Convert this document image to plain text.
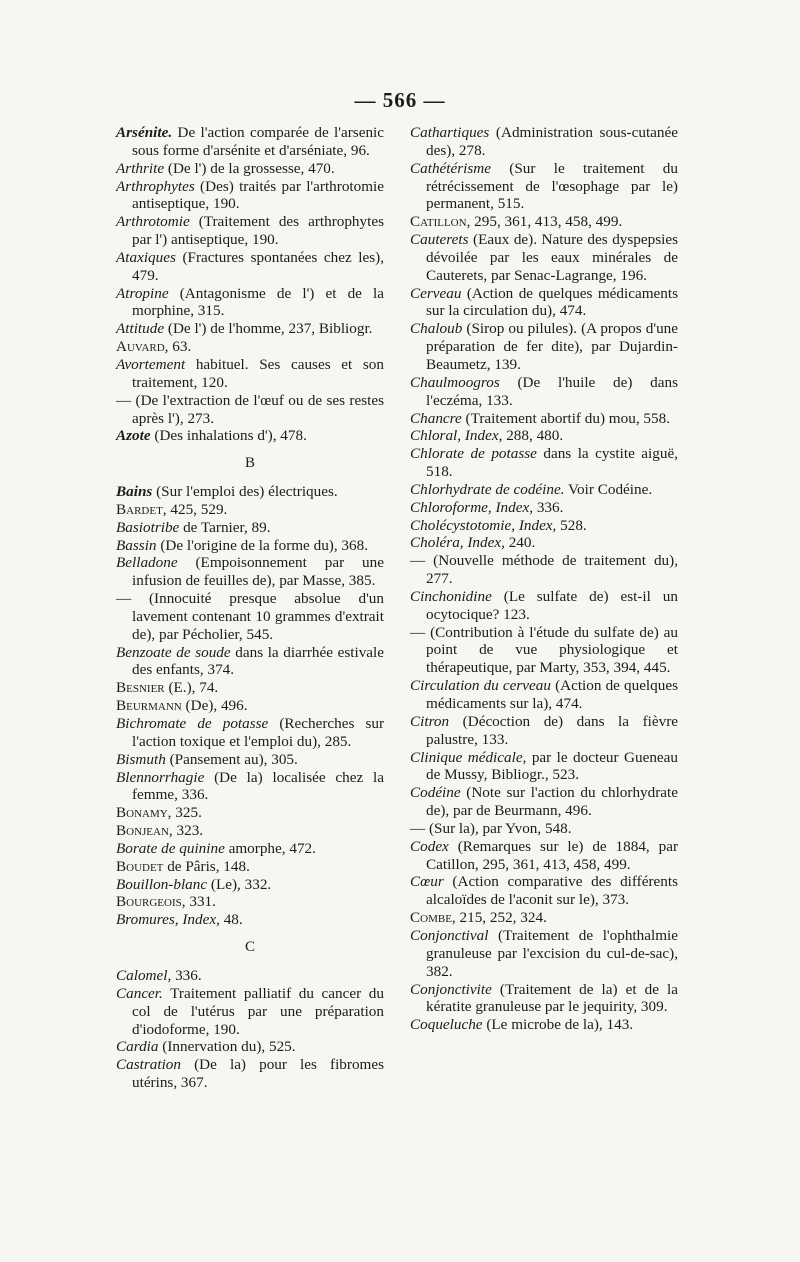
— 566 —
Arsénite. De l'action comparée de l'arsenic sous forme d'arsénite et d'arséniate, 96.
Arthrite (De l') de la grossesse, 470.
Arthrophytes (Des) traités par l'arthrotomie antiseptique, 190.
Arthrotomie (Traitement des arthrophytes par l') antiseptique, 190.
Ataxiques (Fractures spontanées chez les), 479.
Atropine (Antagonisme de l') et de la morphine, 315.
Attitude (De l') de l'homme, 237, Bibliogr.
Auvard, 63.
Avortement habituel. Ses causes et son traitement, 120.
— (De l'extraction de l'œuf ou de ses restes après l'), 273.
Azote (Des inhalations d'), 478.
B
Bains (Sur l'emploi des) électriques.
Bardet, 425, 529.
Basiotribe de Tarnier, 89.
Bassin (De l'origine de la forme du), 368.
Belladone (Empoisonnement par une infusion de feuilles de), par Masse, 385.
— (Innocuité presque absolue d'un lavement contenant 10 grammes d'extrait de), par Pécholier, 545.
Benzoate de soude dans la diarrhée estivale des enfants, 374.
Besnier (E.), 74.
Beurmann (De), 496.
Bichromate de potasse (Recherches sur l'action toxique et l'emploi du), 285.
Bismuth (Pansement au), 305.
Blennorrhagie (De la) localisée chez la femme, 336.
Bonamy, 325.
Bonjean, 323.
Borate de quinine amorphe, 472.
Boudet de Pâris, 148.
Bouillon-blanc (Le), 332.
Bourgeois, 331.
Bromures, Index, 48.
C
Calomel, 336.
Cancer. Traitement palliatif du cancer du col de l'utérus par une préparation d'iodoforme, 190.
Cardia (Innervation du), 525.
Castration (De la) pour les fibromes utérins, 367.
Cathartiques (Administration sous-cutanée des), 278.
Cathétérisme (Sur le traitement du rétrécissement de l'œsophage par le) permanent, 515.
Catillon, 295, 361, 413, 458, 499.
Cauterets (Eaux de). Nature des dyspepsies dévoilée par les eaux minérales de Cauterets, par Senac-Lagrange, 196.
Cerveau (Action de quelques médicaments sur la circulation du), 474.
Chaloub (Sirop ou pilules). (A propos d'une préparation de fer dite), par Dujardin-Beaumetz, 139.
Chaulmoogros (De l'huile de) dans l'eczéma, 133.
Chancre (Traitement abortif du) mou, 558.
Chloral, Index, 288, 480.
Chlorate de potasse dans la cystite aiguë, 518.
Chlorhydrate de codéine. Voir Codéine.
Chloroforme, Index, 336.
Cholécystotomie, Index, 528.
Choléra, Index, 240.
— (Nouvelle méthode de traitement du), 277.
Cinchonidine (Le sulfate de) est-il un ocytocique? 123.
— (Contribution à l'étude du sulfate de) au point de vue physiologique et thérapeutique, par Marty, 353, 394, 445.
Circulation du cerveau (Action de quelques médicaments sur la), 474.
Citron (Décoction de) dans la fièvre palustre, 133.
Clinique médicale, par le docteur Gueneau de Mussy, Bibliogr., 523.
Codéine (Note sur l'action du chlorhydrate de), par de Beurmann, 496.
— (Sur la), par Yvon, 548.
Codex (Remarques sur le) de 1884, par Catillon, 295, 361, 413, 458, 499.
Cœur (Action comparative des différents alcaloïdes de l'aconit sur le), 373.
Combe, 215, 252, 324.
Conjonctival (Traitement de l'ophthalmie granuleuse par l'excision du cul-de-sac), 382.
Conjonctivite (Traitement de la) et de la kératite granuleuse par le jequirity, 309.
Coqueluche (Le microbe de la), 143.
